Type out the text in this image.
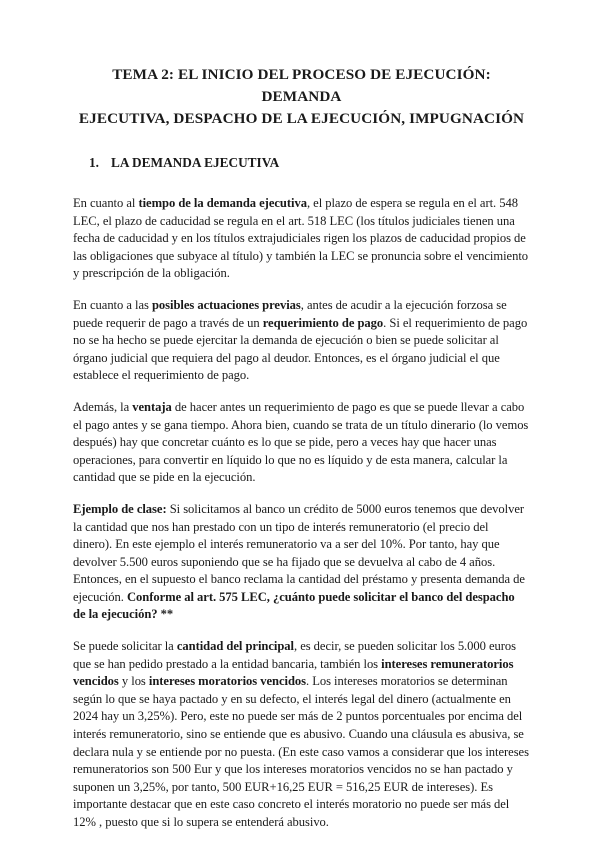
TEMA 2: EL INICIO DEL PROCESO DE EJECUCIÓN: DEMANDA
EJECUTIVA, DESPACHO DE LA EJECUCIÓN, IMPUGNACIÓN
1. LA DEMANDA EJECUTIVA

En cuanto al tiempo de la demanda ejecutiva, el plazo de espera se regula en el art. 548 LEC, el plazo de caducidad se regula en el art. 518 LEC (los títulos judiciales tienen una fecha de caducidad y en los títulos extrajudiciales rigen los plazos de caducidad propios de las obligaciones que subyace al título) y también la LEC se pronuncia sobre el vencimiento y prescripción de la obligación.

En cuanto a las posibles actuaciones previas, antes de acudir a la ejecución forzosa se puede requerir de pago a través de un requerimiento de pago. Si el requerimiento de pago no se ha hecho se puede ejercitar la demanda de ejecución o bien se puede solicitar al órgano judicial que requiera del pago al deudor. Entonces, es el órgano judicial el que establece el requerimiento de pago.

Además, la ventaja de hacer antes un requerimiento de pago es que se puede llevar a cabo el pago antes y se gana tiempo. Ahora bien, cuando se trata de un título dinerario (lo vemos después) hay que concretar cuánto es lo que se pide, pero a veces hay que hacer unas operaciones, para convertir en líquido lo que no es líquido y de esta manera, calcular la cantidad que se pide en la ejecución.

Ejemplo de clase: Si solicitamos al banco un crédito de 5000 euros tenemos que devolver la cantidad que nos han prestado con un tipo de interés remuneratorio (el precio del dinero). En este ejemplo el interés remuneratorio va a ser del 10%. Por tanto, hay que devolver 5.500 euros suponiendo que se ha fijado que se devuelva al cabo de 4 años. Entonces, en el supuesto el banco reclama la cantidad del préstamo y presenta demanda de ejecución. Conforme al art. 575 LEC, ¿cuánto puede solicitar el banco del despacho de la ejecución? **

Se puede solicitar la cantidad del principal, es decir, se pueden solicitar los 5.000 euros que se han pedido prestado a la entidad bancaria, también los intereses remuneratorios vencidos y los intereses moratorios vencidos. Los intereses moratorios se determinan según lo que se haya pactado y en su defecto, el interés legal del dinero (actualmente en 2024 hay un 3,25%). Pero, este no puede ser más de 2 puntos porcentuales por encima del interés remuneratorio, sino se entiende que es abusivo. Cuando una cláusula es abusiva, se declara nula y se entiende por no puesta. (En este caso vamos a considerar que los intereses remuneratorios son 500 Eur y que los intereses moratorios vencidos no se han pactado y suponen un 3,25%, por tanto, 500 EUR+16,25 EUR = 516,25 EUR de intereses). Es importante destacar que en este caso concreto el interés moratorio no puede ser más del 12% , puesto que si lo supera se entenderá abusivo.
